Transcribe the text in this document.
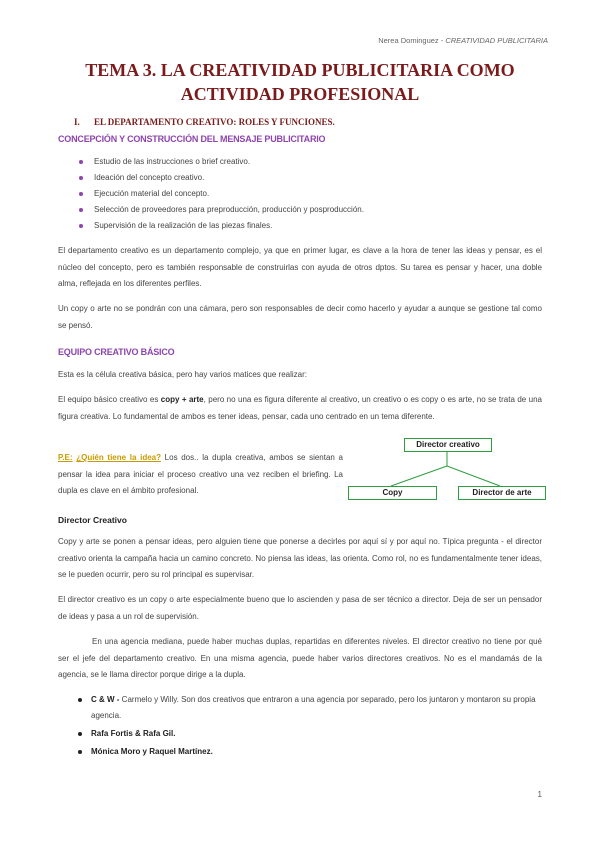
Nerea Dominguez - CREATIVIDAD PUBLICITARIA
TEMA 3. LA CREATIVIDAD PUBLICITARIA COMO ACTIVIDAD PROFESIONAL
I. EL DEPARTAMENTO CREATIVO: ROLES Y FUNCIONES.
CONCEPCIÓN Y CONSTRUCCIÓN DEL MENSAJE PUBLICITARIO
Estudio de las instrucciones o brief creativo.
Ideación del concepto creativo.
Ejecución material del concepto.
Selección de proveedores para preproducción, producción y posproducción.
Supervisión de la realización de las piezas finales.

El departamento creativo es un departamento complejo, ya que en primer lugar, es clave a la hora de tener las ideas y pensar, es el núcleo del concepto, pero es también responsable de construirlas con ayuda de otros dptos. Su tarea es pensar y hacer, una doble alma, reflejada en los diferentes perfiles.

Un copy o arte no se pondrán con una cámara, pero son responsables de decir como hacerlo y ayudar a aunque se gestione tal como se pensó.

EQUIPO CREATIVO BÁSICO

Esta es la célula creativa básica, pero hay varios matices que realizar:

El equipo básico creativo es copy + arte, pero no una es figura diferente al creativo, un creativo o es copy o es arte, no se trata de una figura creativa. Lo fundamental de ambos es tener ideas, pensar, cada uno centrado en un tema diferente.

P.E: ¿Quién tiene la idea? Los dos.. la dupla creativa, ambos se sientan a pensar la idea para iniciar el proceso creativo una vez reciben el briefing. La dupla es clave en el ámbito profesional.

Director creativo
Copy	Director de arte
Director Creativo

Copy y arte se ponen a pensar ideas, pero alguien tiene que ponerse a decirles por aquí sí y por aquí no. Típica pregunta - el director creativo orienta la campaña hacia un camino concreto. No piensa las ideas, las orienta. Como rol, no es fundamentalmente tener ideas, se le pueden ocurrir, pero su rol principal es supervisar.

El director creativo es un copy o arte especialmente bueno que lo ascienden y pasa de ser técnico a director. Deja de ser un pensador de ideas y pasa a un rol de supervisión.

En una agencia mediana, puede haber muchas duplas, repartidas en diferentes niveles. El director creativo no tiene por qué ser el jefe del departamento creativo. En una misma agencia, puede haber varios directores creativos. No es el mandamás de la agencia, se le llama director porque dirige a la dupla.

C & W - Carmelo y Willy. Son dos creativos que entraron a una agencia por separado, pero los juntaron y montaron su propia agencia.
Rafa Fortis & Rafa Gil.
Mónica Moro y Raquel Martínez.
1
